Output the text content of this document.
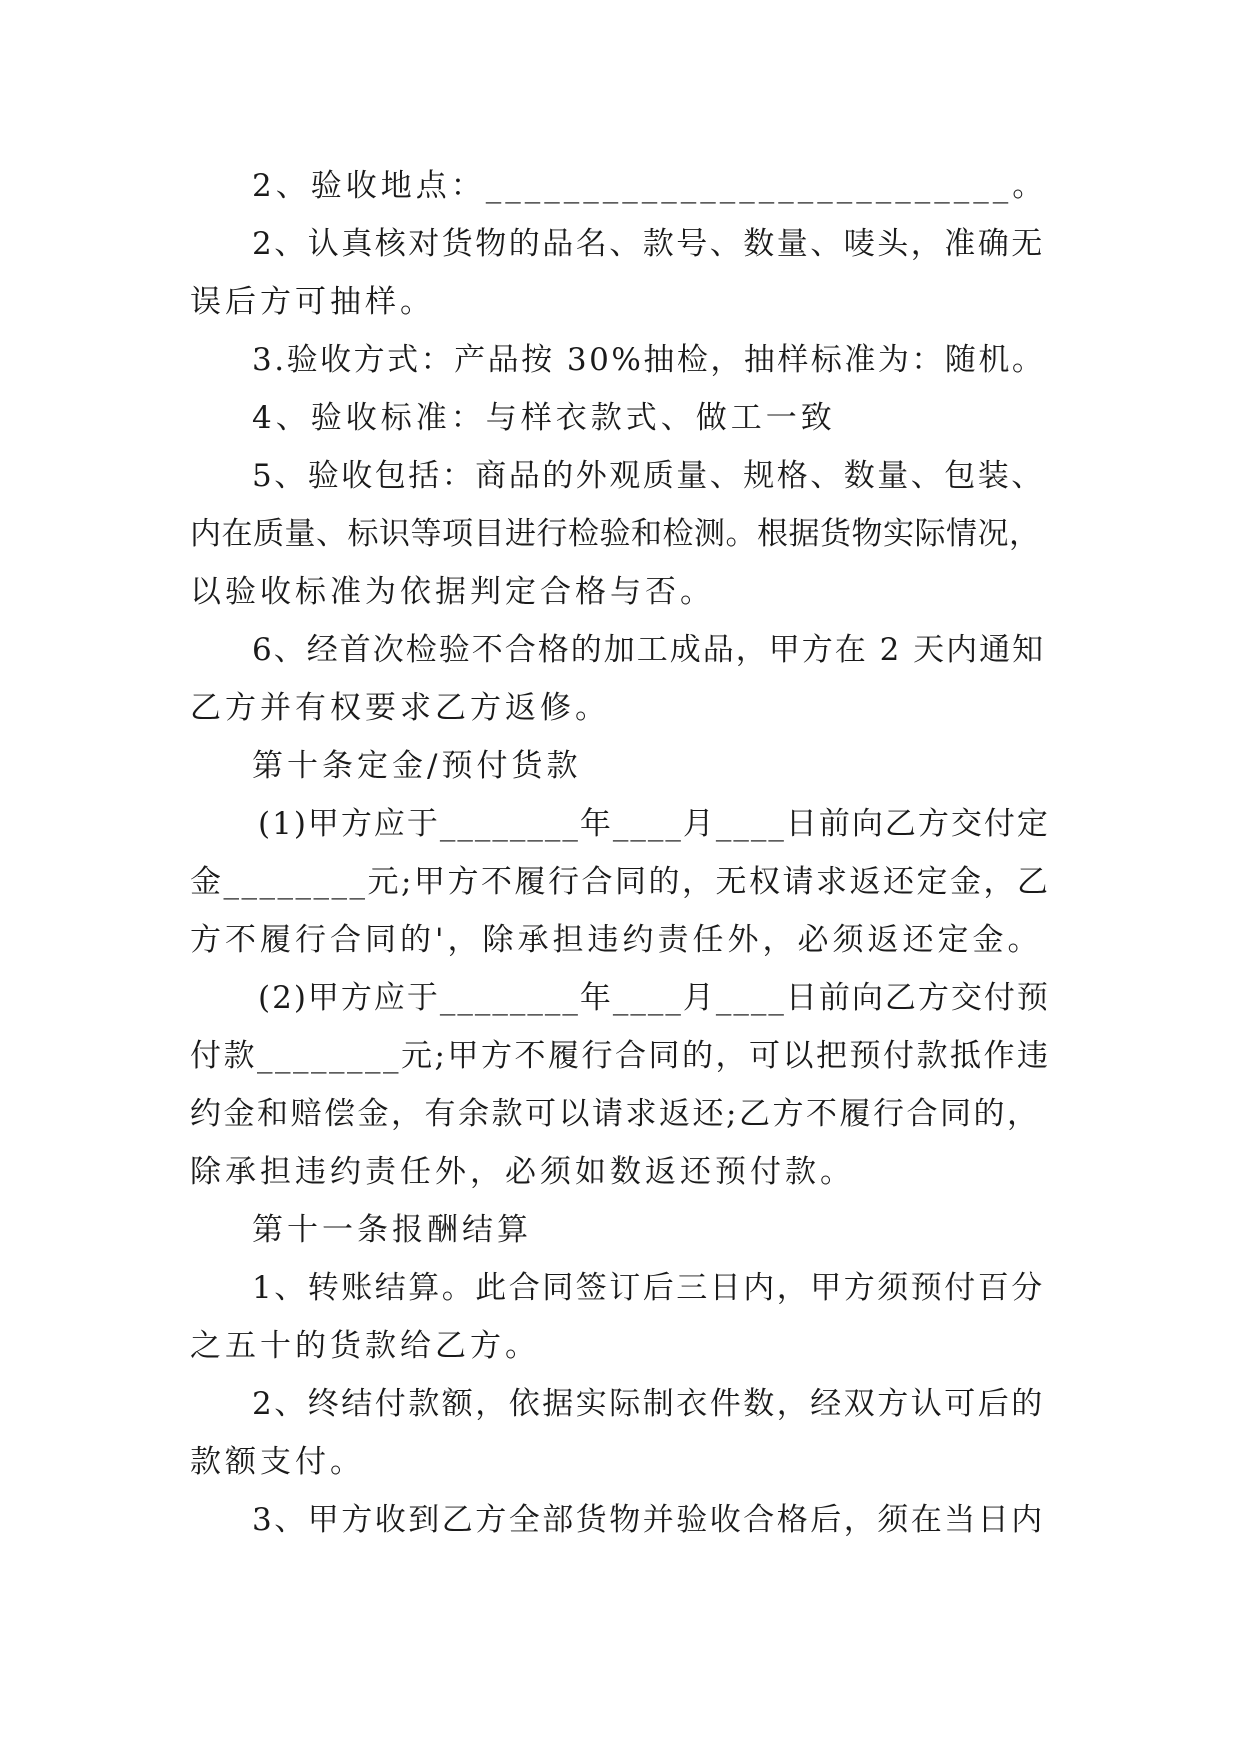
2、验收地点：___________________________。
2、认真核对货物的品名、款号、数量、唛头，准确无
误后方可抽样。
3.验收方式：产品按 30%抽检，抽样标准为：随机。
4、验收标准：与样衣款式、做工一致
5、验收包括：商品的外观质量、规格、数量、包装、
内在质量、标识等项目进行检验和检测。根据货物实际情况，
以验收标准为依据判定合格与否。
6、经首次检验不合格的加工成品，甲方在 2 天内通知
乙方并有权要求乙方返修。
第十条定金/预付货款
(1)甲方应于________年____月____日前向乙方交付定
金________元;甲方不履行合同的，无权请求返还定金，乙
方不履行合同的'，除承担违约责任外，必须返还定金。
(2)甲方应于________年____月____日前向乙方交付预
付款________元;甲方不履行合同的，可以把预付款抵作违
约金和赔偿金，有余款可以请求返还;乙方不履行合同的，
除承担违约责任外，必须如数返还预付款。
第十一条报酬结算
1、转账结算。此合同签订后三日内，甲方须预付百分
之五十的货款给乙方。
2、终结付款额，依据实际制衣件数，经双方认可后的
款额支付。
3、甲方收到乙方全部货物并验收合格后，须在当日内
